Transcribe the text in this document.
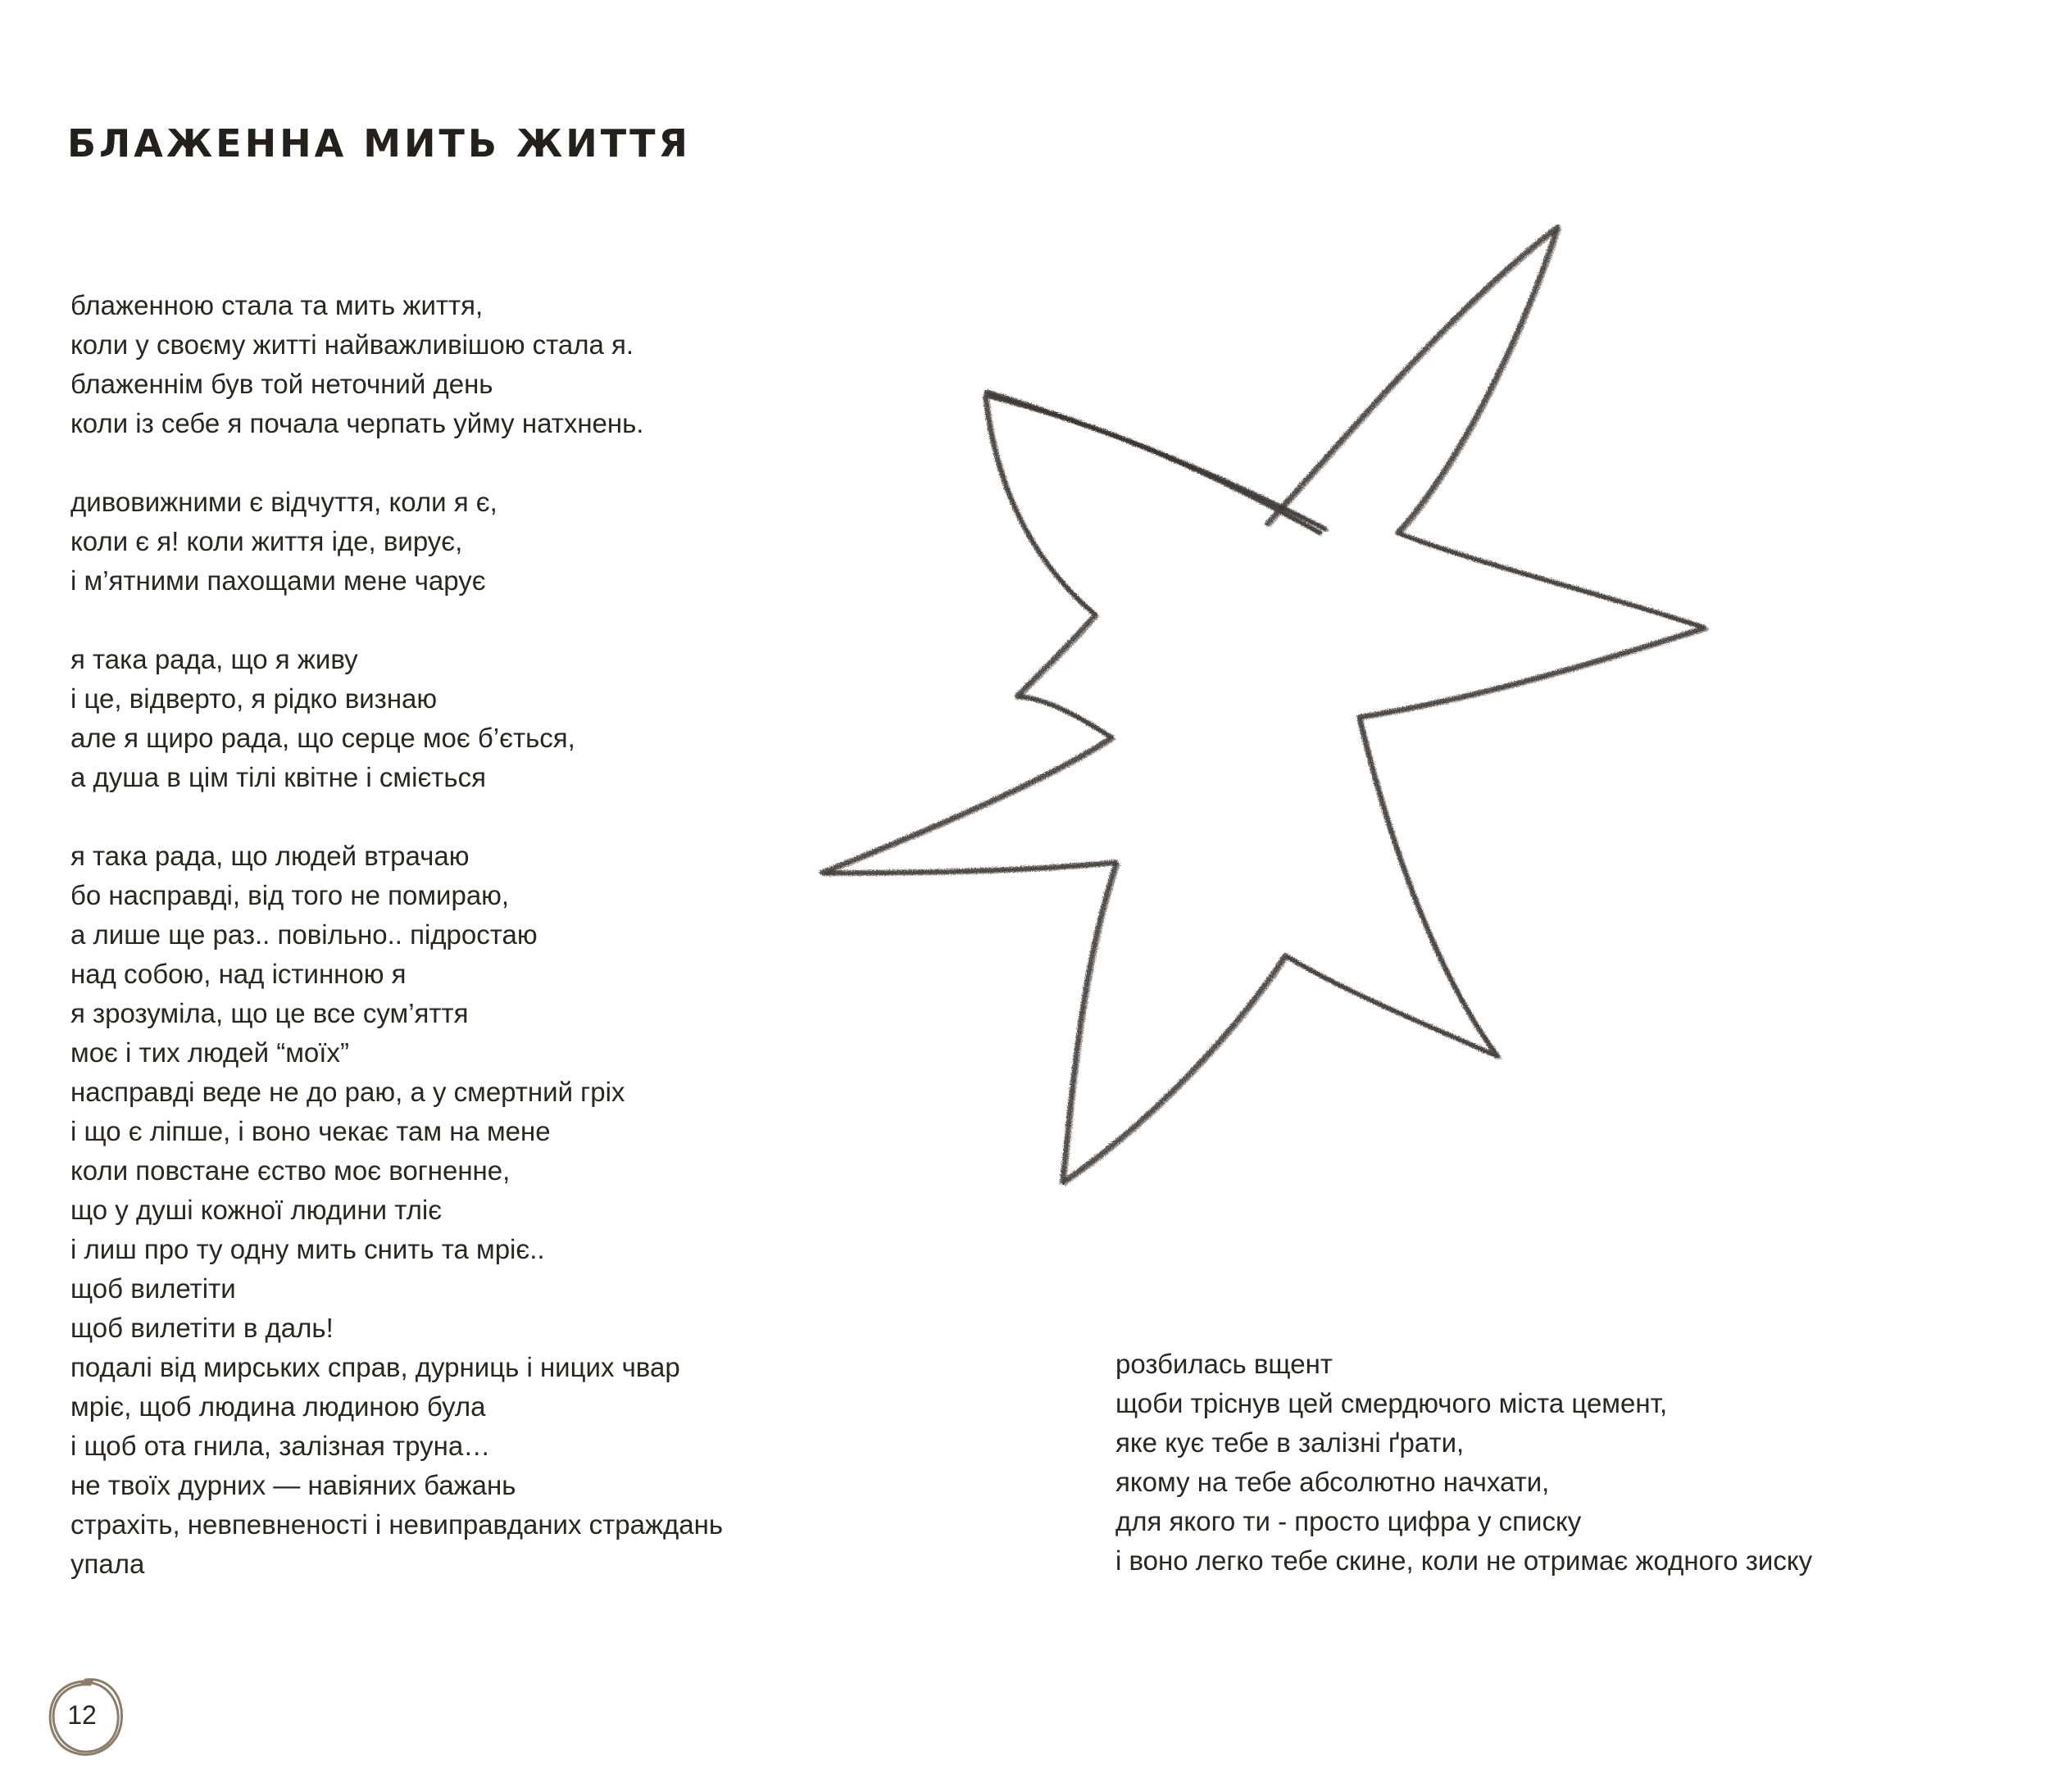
БЛАЖЕННА МИТЬ ЖИТТЯ
блаженною стала та мить життя,
коли у своєму житті найважливішою стала я.
блаженнім був той неточний день
коли із себе я почала черпать уйму натхнень.
дивовижними є відчуття, коли я є,
коли є я! коли життя іде, вирує,
і м’ятними пахощами мене чарує
я така рада, що я живу
і це, відверто, я рідко визнаю
але я щиро рада, що серце моє б’ється,
а душа в цім тілі квітне і сміється
я така рада, що людей втрачаю
бо насправді, від того не помираю,
а лише ще раз.. повільно.. підростаю
над собою, над істинною я
я зрозуміла, що це все сум’яття
моє і тих людей “моїх”
насправді веде не до раю, а у смертний гріх
і що є ліпше, і воно чекає там на мене
коли повстане єство моє вогненне,
що у душі кожної людини тліє
і лиш про ту одну мить снить та мріє..
щоб вилетіти
щоб вилетіти в даль!
подалі від мирських справ, дурниць і ницих чвар
мріє, щоб людина людиною була
і щоб ота гнила, залізная труна…
не твоїх дурних — навіяних бажань
страхіть, невпевненості і невиправданих страждань
упала
розбилась вщент
щоби тріснув цей смердючого міста цемент,
яке кує тебе в залізні ґрати,
якому на тебе абсолютно начхати,
для якого ти - просто цифра у списку
і воно легко тебе скине, коли не отримає жодного зиску
12
